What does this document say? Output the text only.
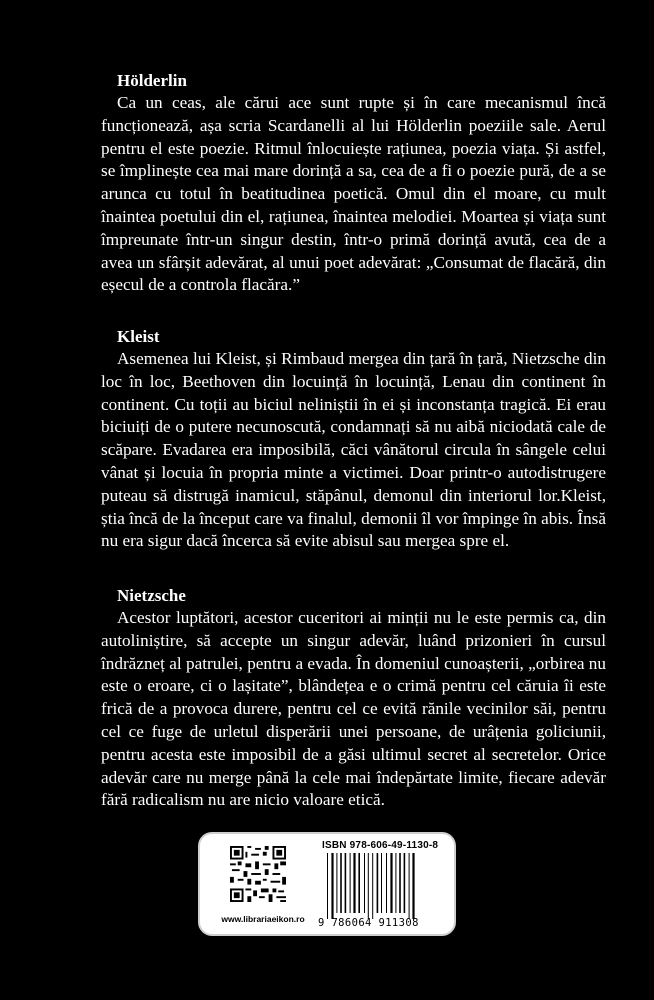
Hölderlin

Ca un ceas, ale cărui ace sunt rupte și în care mecanismul încă funcționează, așa scria Scardanelli al lui Hölderlin poeziile sale. Aerul pentru el este poezie. Ritmul înlocuiește rațiunea, poezia viața. Și astfel, se împlinește cea mai mare dorință a sa, cea de a fi o poezie pură, de a se arunca cu totul în beatitudinea poetică. Omul din el moare, cu mult înaintea poetului din el, rațiunea, înaintea melodiei. Moartea și viața sunt împreunate într-un singur destin, într-o primă dorință avută, cea de a avea un sfârșit adevărat, al unui poet adevărat: „Consumat de flacără, din eșecul de a controla flacăra.”

Kleist

Asemenea lui Kleist, și Rimbaud mergea din țară în țară, Nietzsche din loc în loc, Beethoven din locuință în locuință, Lenau din continent în continent. Cu toții au biciul neliniștii în ei și inconstanța tragică. Ei erau biciuiți de o putere necunoscută, condamnați să nu aibă niciodată cale de scăpare. Evadarea era imposibilă, căci vânătorul circula în sângele celui vânat și locuia în propria minte a victimei. Doar printr-o autodistrugere puteau să distrugă inamicul, stăpânul, demonul din interiorul lor.Kleist, știa încă de la început care va finalul, demonii îl vor împinge în abis. Însă nu era sigur dacă încerca să evite abisul sau mergea spre el.

Nietzsche

Acestor luptători, acestor cuceritori ai minții nu le este permis ca, din autoliniștire, să accepte un singur adevăr, luând prizonieri în cursul îndrăzneț al patrulei, pentru a evada. În domeniul cunoașterii, „orbirea nu este o eroare, ci o lașitate”, blândețea e o crimă pentru cel căruia îi este frică de a provoca durere, pentru cel ce evită rănile vecinilor săi, pentru cel ce fuge de urletul disperării unei persoane, de urâțenia goliciunii, pentru acesta este imposibil de a găsi ultimul secret al secretelor. Orice adevăr care nu merge până la cele mai îndepărtate limite, fiecare adevăr fără radicalism nu are nicio valoare etică.

www.librariaeikon.ro
ISBN 978-606-49-1130-8
9 786064 911308
